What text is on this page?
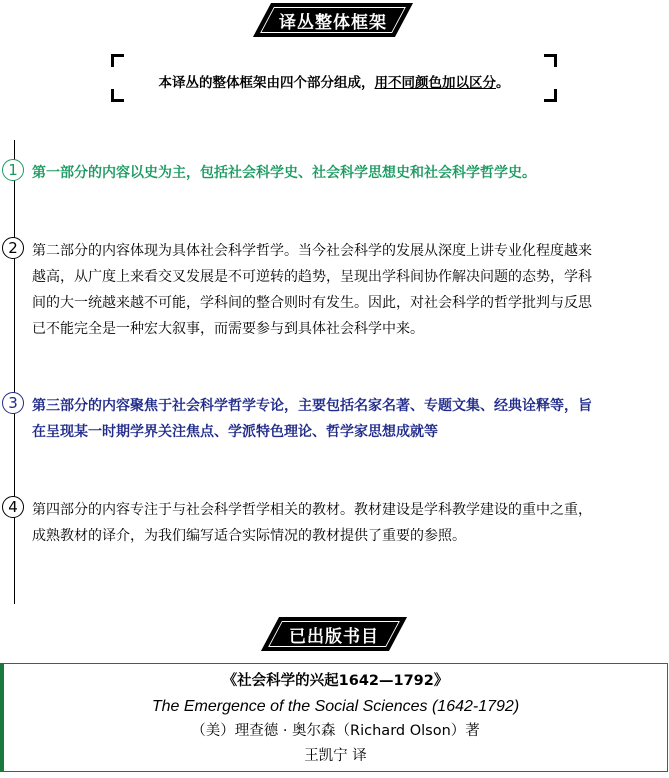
译丛整体框架
本译丛的整体框架由四个部分组成，用不同颜色加以区分。
1	第一部分的内容以史为主，包括社会科学史、社会科学思想史和社会科学哲学史。
2	第二部分的内容体现为具体社会科学哲学。当今社会科学的发展从深度上讲专业化程度越来越高，从广度上来看交叉发展是不可逆转的趋势，呈现出学科间协作解决问题的态势，学科间的大一统越来越不可能，学科间的整合则时有发生。因此，对社会科学的哲学批判与反思已不能完全是一种宏大叙事，而需要参与到具体社会科学中来。
3	第三部分的内容聚焦于社会科学哲学专论，主要包括名家名著、专题文集、经典诠释等，旨在呈现某一时期学界关注焦点、学派特色理论、哲学家思想成就等
4	第四部分的内容专注于与社会科学哲学相关的教材。教材建设是学科教学建设的重中之重，成熟教材的译介，为我们编写适合实际情况的教材提供了重要的参照。
已出版书目
《社会科学的兴起1642—1792》
The Emergence of the Social Sciences (1642-1792)
（美）理查德 · 奥尔森（Richard Olson）著
王凯宁 译
